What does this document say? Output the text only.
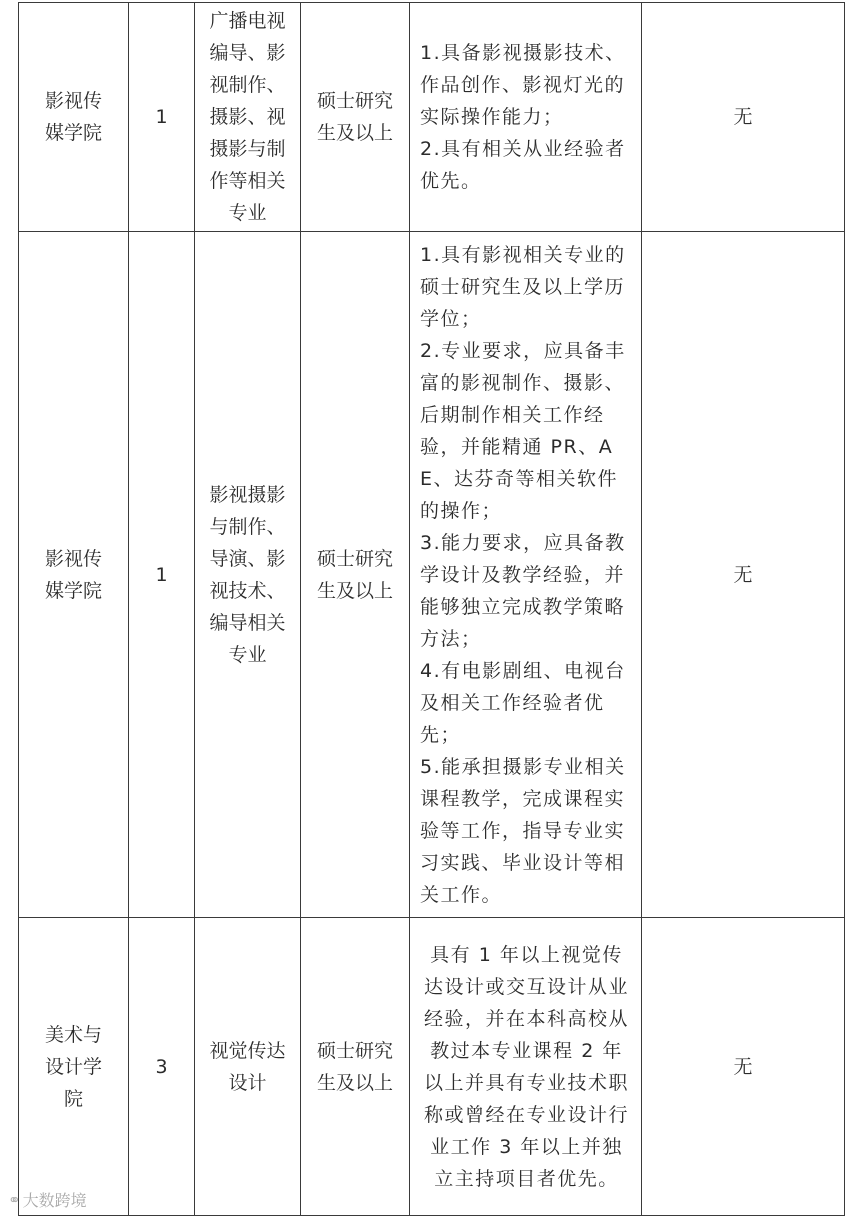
影视传媒学院	1	广播电视编导、影视制作、摄影、视摄影与制作等相关专业	硕士研究生及以上	1.具备影视摄影技术、作品创作、影视灯光的实际操作能力；
2.具有相关从业经验者优先。	无
影视传媒学院	1	影视摄影与制作、导演、影视技术、编导相关专业	硕士研究生及以上	1.具有影视相关专业的硕士研究生及以上学历学位；
2.专业要求，应具备丰富的影视制作、摄影、后期制作相关工作经验，并能精通 PR、AE、达芬奇等相关软件的操作；
3.能力要求，应具备教学设计及教学经验，并能够独立完成教学策略方法；
4.有电影剧组、电视台及相关工作经验者优先；
5.能承担摄影专业相关课程教学，完成课程实验等工作，指导专业实习实践、毕业设计等相关工作。	无
美术与设计学院	3	视觉传达设计	硕士研究生及以上	具有 1 年以上视觉传达设计或交互设计从业经验，并在本科高校从教过本专业课程 2 年以上并具有专业技术职称或曾经在专业设计行业工作 3 年以上并独立主持项目者优先。	无
⚭ 大数跨境
